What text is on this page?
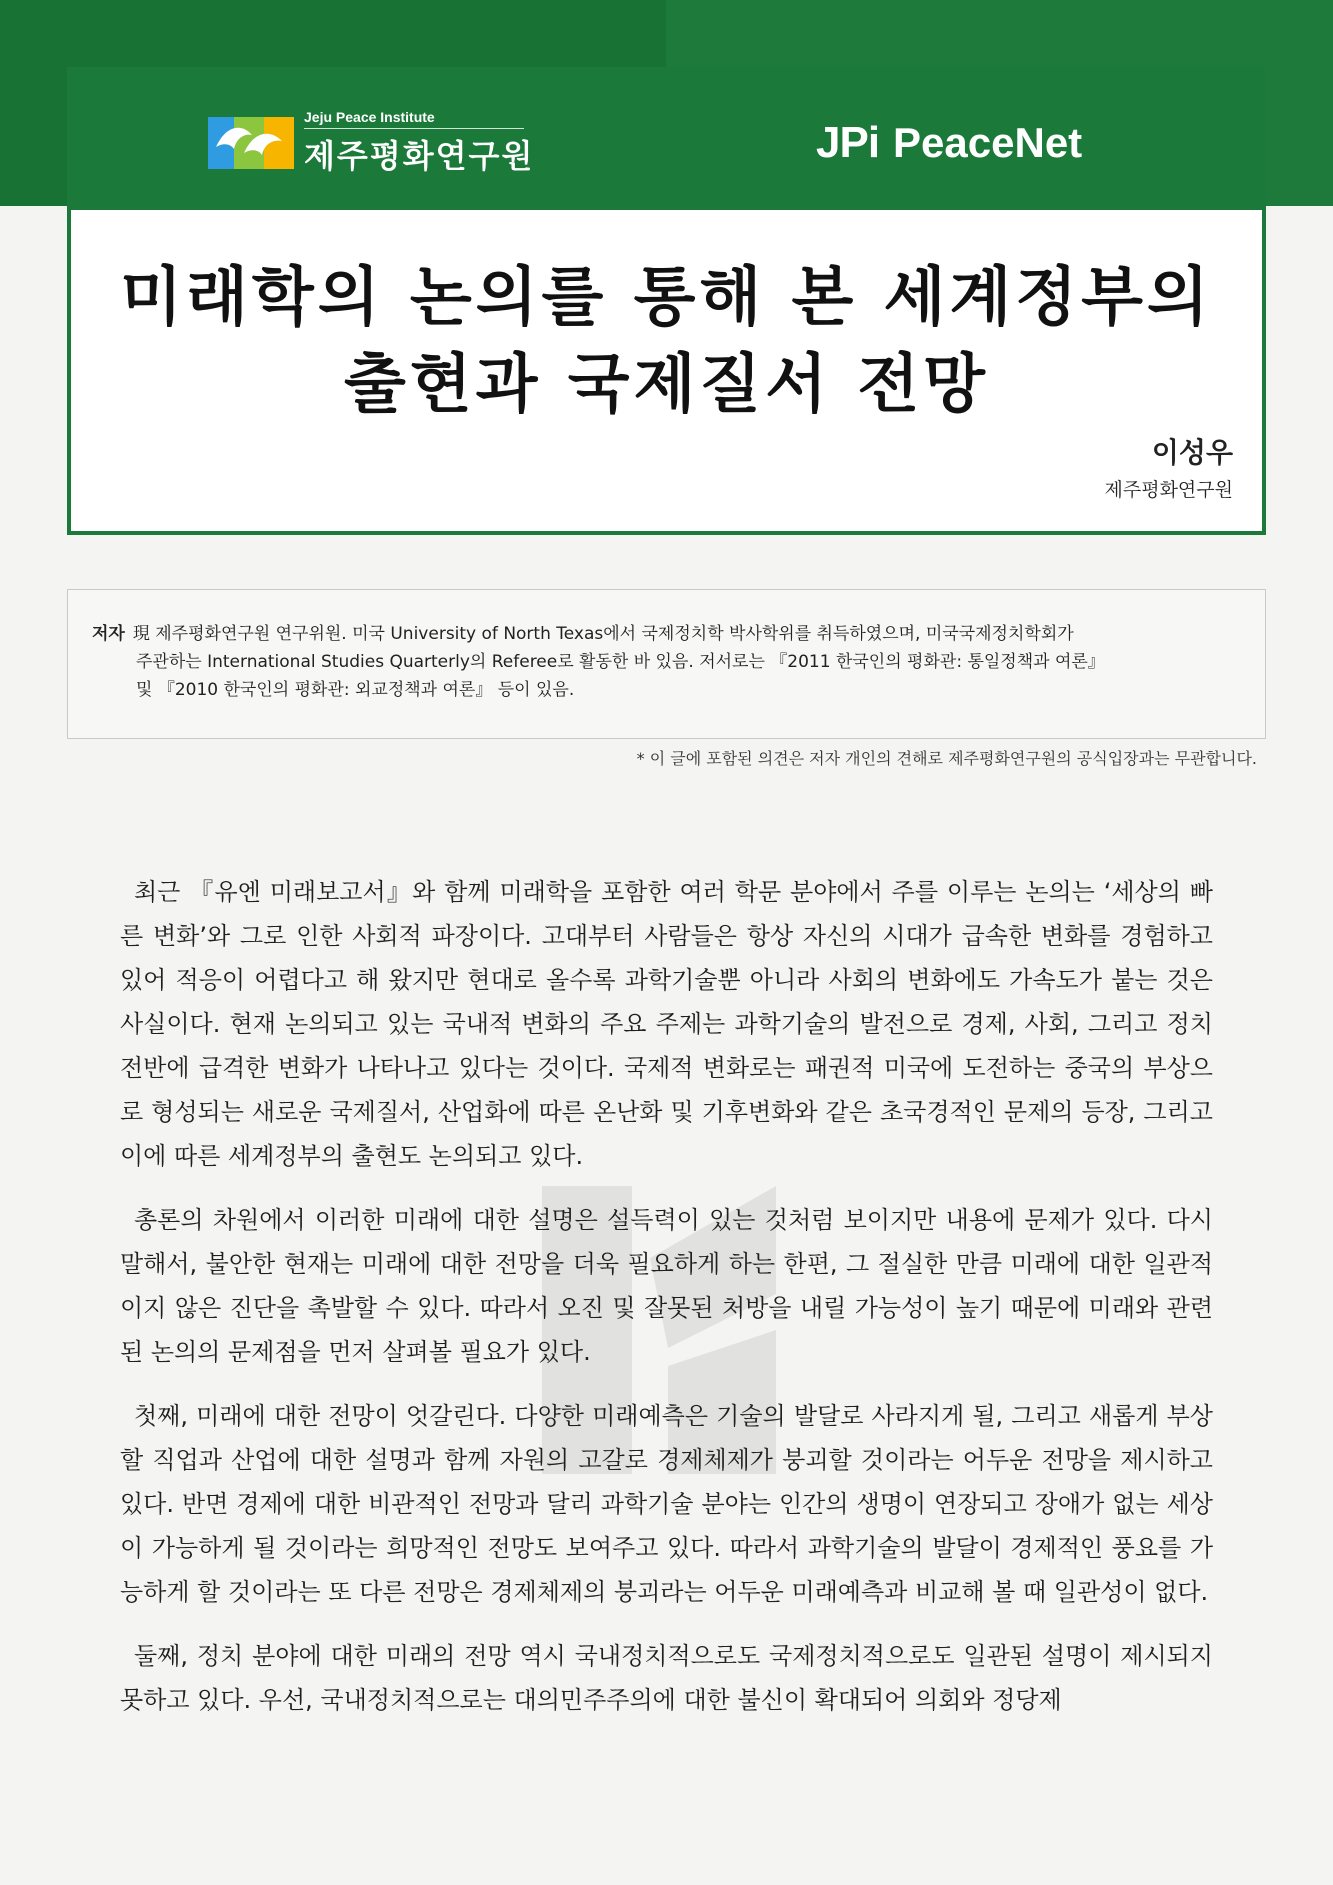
Jeju Peace Institute
제주평화연구원	JPi PeaceNet
미래학의 논의를 통해 본 세계정부의
출현과 국제질서 전망
이성우
제주평화연구원
저자 現 제주평화연구원 연구위원. 미국 University of North Texas에서 국제정치학 박사학위를 취득하였으며, 미국국제정치학회가
주관하는 International Studies Quarterly의 Referee로 활동한 바 있음. 저서로는 『2011 한국인의 평화관: 통일정책과 여론』
및 『2010 한국인의 평화관: 외교정책과 여론』 등이 있음.
* 이 글에 포함된 의견은 저자 개인의 견해로 제주평화연구원의 공식입장과는 무관합니다.

최근 『유엔 미래보고서』와 함께 미래학을 포함한 여러 학문 분야에서 주를 이루는 논의는 ‘세상의 빠른 변화’와 그로 인한 사회적 파장이다. 고대부터 사람들은 항상 자신의 시대가 급속한 변화를 경험하고 있어 적응이 어렵다고 해 왔지만 현대로 올수록 과학기술뿐 아니라 사회의 변화에도 가속도가 붙는 것은 사실이다. 현재 논의되고 있는 국내적 변화의 주요 주제는 과학기술의 발전으로 경제, 사회, 그리고 정치 전반에 급격한 변화가 나타나고 있다는 것이다. 국제적 변화로는 패권적 미국에 도전하는 중국의 부상으로 형성되는 새로운 국제질서, 산업화에 따른 온난화 및 기후변화와 같은 초국경적인 문제의 등장, 그리고 이에 따른 세계정부의 출현도 논의되고 있다.

총론의 차원에서 이러한 미래에 대한 설명은 설득력이 있는 것처럼 보이지만 내용에 문제가 있다. 다시 말해서, 불안한 현재는 미래에 대한 전망을 더욱 필요하게 하는 한편, 그 절실한 만큼 미래에 대한 일관적이지 않은 진단을 촉발할 수 있다. 따라서 오진 및 잘못된 처방을 내릴 가능성이 높기 때문에 미래와 관련된 논의의 문제점을 먼저 살펴볼 필요가 있다.

첫째, 미래에 대한 전망이 엇갈린다. 다양한 미래예측은 기술의 발달로 사라지게 될, 그리고 새롭게 부상할 직업과 산업에 대한 설명과 함께 자원의 고갈로 경제체제가 붕괴할 것이라는 어두운 전망을 제시하고 있다. 반면 경제에 대한 비관적인 전망과 달리 과학기술 분야는 인간의 생명이 연장되고 장애가 없는 세상이 가능하게 될 것이라는 희망적인 전망도 보여주고 있다. 따라서 과학기술의 발달이 경제적인 풍요를 가능하게 할 것이라는 또 다른 전망은 경제체제의 붕괴라는 어두운 미래예측과 비교해 볼 때 일관성이 없다.

둘째, 정치 분야에 대한 미래의 전망 역시 국내정치적으로도 국제정치적으로도 일관된 설명이 제시되지 못하고 있다. 우선, 국내정치적으로는 대의민주주의에 대한 불신이 확대되어 의회와 정당제
